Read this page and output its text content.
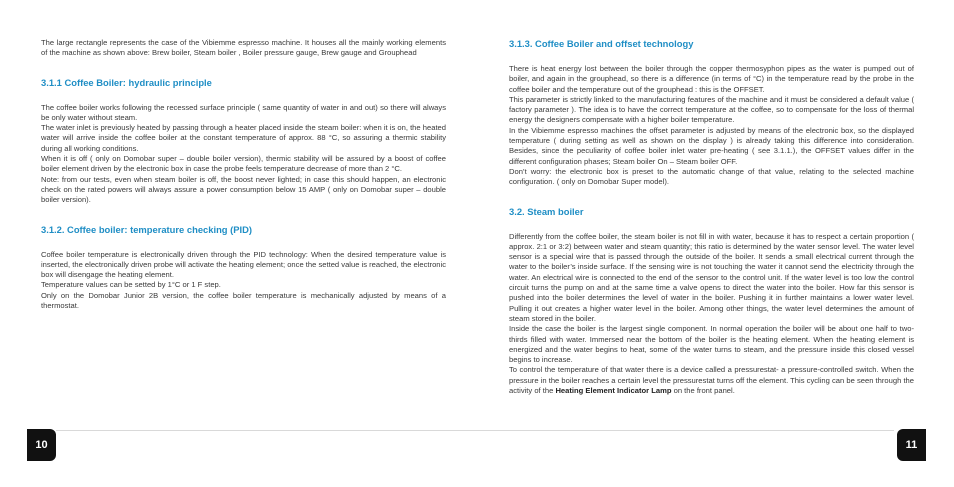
The large rectangle represents the case of the Vibiemme espresso machine. It houses all the mainly working elements of the machine as shown above: Brew boiler, Steam boiler , Boiler pressure gauge, Brew gauge and Grouphead

3.1.1 Coffee Boiler: hydraulic principle

The coffee boiler works following the recessed surface principle ( same quantity of water in and out) so there will always be only water without steam.

The water inlet is previously heated by passing through a heater placed inside the steam boiler: when it is on, the heated water will arrive inside the coffee boiler at the constant temperature of approx. 88 °C, so assuring a thermic stability during all working conditions.

When it is off ( only on Domobar super – double boiler version), thermic stability will be assured by a boost of coffee boiler element driven by the electronic box in case the probe feels temperature decrease of more than 2 °C.

Note: from our tests, even when steam boiler is off, the boost never lighted; in case this should happen, an electronic check on the rated powers will always assure a power consumption below 15 AMP ( only on Domobar super – double boiler version).

3.1.2. Coffee boiler: temperature checking (PID)

Coffee boiler temperature is electronically driven through the PID technology: When the desired temperature value is inserted, the electronically driven probe will activate the heating element; once the setted value is reached, the electronic box will disengage the heating element.

Temperature values can be setted by 1°C or 1 F step.

Only on the Domobar Junior 2B version, the coffee boiler temperature is mechanically adjusted by means of a thermostat.

10
3.1.3. Coffee Boiler and offset technology

There is heat energy lost between the boiler through the copper thermosyphon pipes as the water is pumped out of boiler, and again in the grouphead, so there is a difference (in terms of °C) in the temperature read by the probe in the coffee boiler and the temperature out of the grouphead : this is the OFFSET.

This parameter is strictly linked to the manufacturing features of the machine and it must be considered a default value ( factory parameter ). The idea is to have the correct temperature at the coffee, so to compensate for the loss of thermal energy the designers compensate with a higher boiler temperature.

In the Vibiemme espresso machines the offset parameter is adjusted by means of the electronic box, so the displayed temperature ( during setting as well as shown on the display ) is already taking this difference into consideration. Besides, since the peculiarity of coffee boiler inlet water pre-heating ( see 3.1.1.), the OFFSET values differ in the different configuration phases; Steam boiler On – Steam boiler OFF.

Don’t worry: the electronic box is preset to the automatic change of that value, relating to the selected machine configuration. ( only on Domobar Super model).

3.2. Steam boiler

Differently from the coffee boiler, the steam boiler is not fill in with water, because it has to respect a certain proportion ( approx. 2:1 or 3:2) between water and steam quantity; this ratio is determined by the water sensor level. The water level sensor is a special wire that is passed through the outside of the boiler. It sends a small electrical current through the water to the boiler’s inside surface. If the sensing wire is not touching the water it cannot send the electricity through the water. An electrical wire is connected to the end of the sensor to the control unit. If the water level is too low the control circuit turns the pump on and at the same time a valve opens to direct the water into the boiler. How far this sensor is pushed into the boiler determines the level of water in the boiler. Pushing it in further maintains a lower water level. Pulling it out creates a higher water level in the boiler. Among other things, the water level determines the amount of steam stored in the boiler.

Inside the case the boiler is the largest single component. In normal operation the boiler will be about one half to two-thirds filled with water. Immersed near the bottom of the boiler is the heating element. When the heating element is energized and the water begins to heat, some of the water turns to steam, and the pressure inside this closed vessel begins to increase.

To control the temperature of that water there is a device called a pressurestat- a pressure-controlled switch. When the pressure in the boiler reaches a certain level the pressurestat turns off the element. This cycling can be seen through the activity of the Heating Element Indicator Lamp on the front panel.

11
